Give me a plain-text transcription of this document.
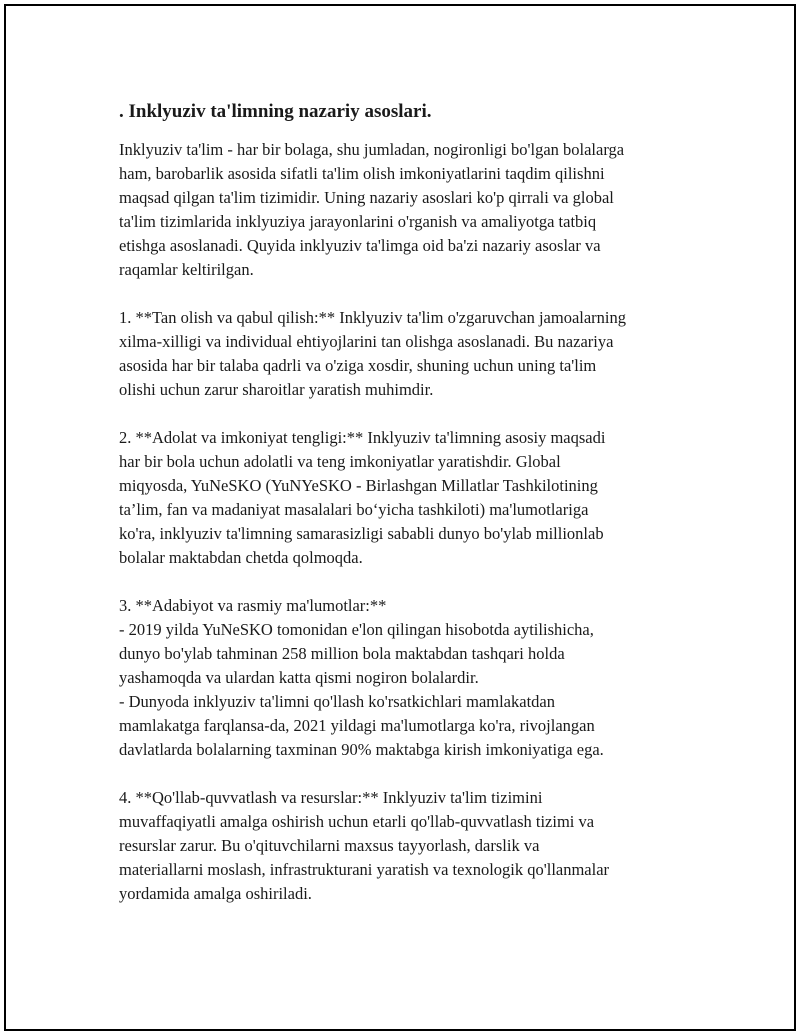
. Inklyuziv ta'limning nazariy asoslari.

Inklyuziv ta'lim - har bir bolaga, shu jumladan, nogironligi bo'lgan bolalarga
ham, barobarlik asosida sifatli ta'lim olish imkoniyatlarini taqdim qilishni
maqsad qilgan ta'lim tizimidir. Uning nazariy asoslari ko'p qirrali va global
ta'lim tizimlarida inklyuziya jarayonlarini o'rganish va amaliyotga tatbiq
etishga asoslanadi. Quyida inklyuziv ta'limga oid ba'zi nazariy asoslar va
raqamlar keltirilgan.

1. **Tan olish va qabul qilish:** Inklyuziv ta'lim o'zgaruvchan jamoalarning
xilma-xilligi va individual ehtiyojlarini tan olishga asoslanadi. Bu nazariya
asosida har bir talaba qadrli va o'ziga xosdir, shuning uchun uning ta'lim
olishi uchun zarur sharoitlar yaratish muhimdir.

2. **Adolat va imkoniyat tengligi:** Inklyuziv ta'limning asosiy maqsadi
har bir bola uchun adolatli va teng imkoniyatlar yaratishdir. Global
miqyosda, YuNeSKO (YuNYeSKO - Birlashgan Millatlar Tashkilotining
ta’lim, fan va madaniyat masalalari bo‘yicha tashkiloti) ma'lumotlariga
ko'ra, inklyuziv ta'limning samarasizligi sababli dunyo bo'ylab millionlab
bolalar maktabdan chetda qolmoqda.

3. **Adabiyot va rasmiy ma'lumotlar:**
- 2019 yilda YuNeSKO tomonidan e'lon qilingan hisobotda aytilishicha,
dunyo bo'ylab tahminan 258 million bola maktabdan tashqari holda
yashamoqda va ulardan katta qismi nogiron bolalardir.
- Dunyoda inklyuziv ta'limni qo'llash ko'rsatkichlari mamlakatdan
mamlakatga farqlansa-da, 2021 yildagi ma'lumotlarga ko'ra, rivojlangan
davlatlarda bolalarning taxminan 90% maktabga kirish imkoniyatiga ega.

4. **Qo'llab-quvvatlash va resurslar:** Inklyuziv ta'lim tizimini
muvaffaqiyatli amalga oshirish uchun etarli qo'llab-quvvatlash tizimi va
resurslar zarur. Bu o'qituvchilarni maxsus tayyorlash, darslik va
materiallarni moslash, infrastrukturani yaratish va texnologik qo'llanmalar
yordamida amalga oshiriladi.
